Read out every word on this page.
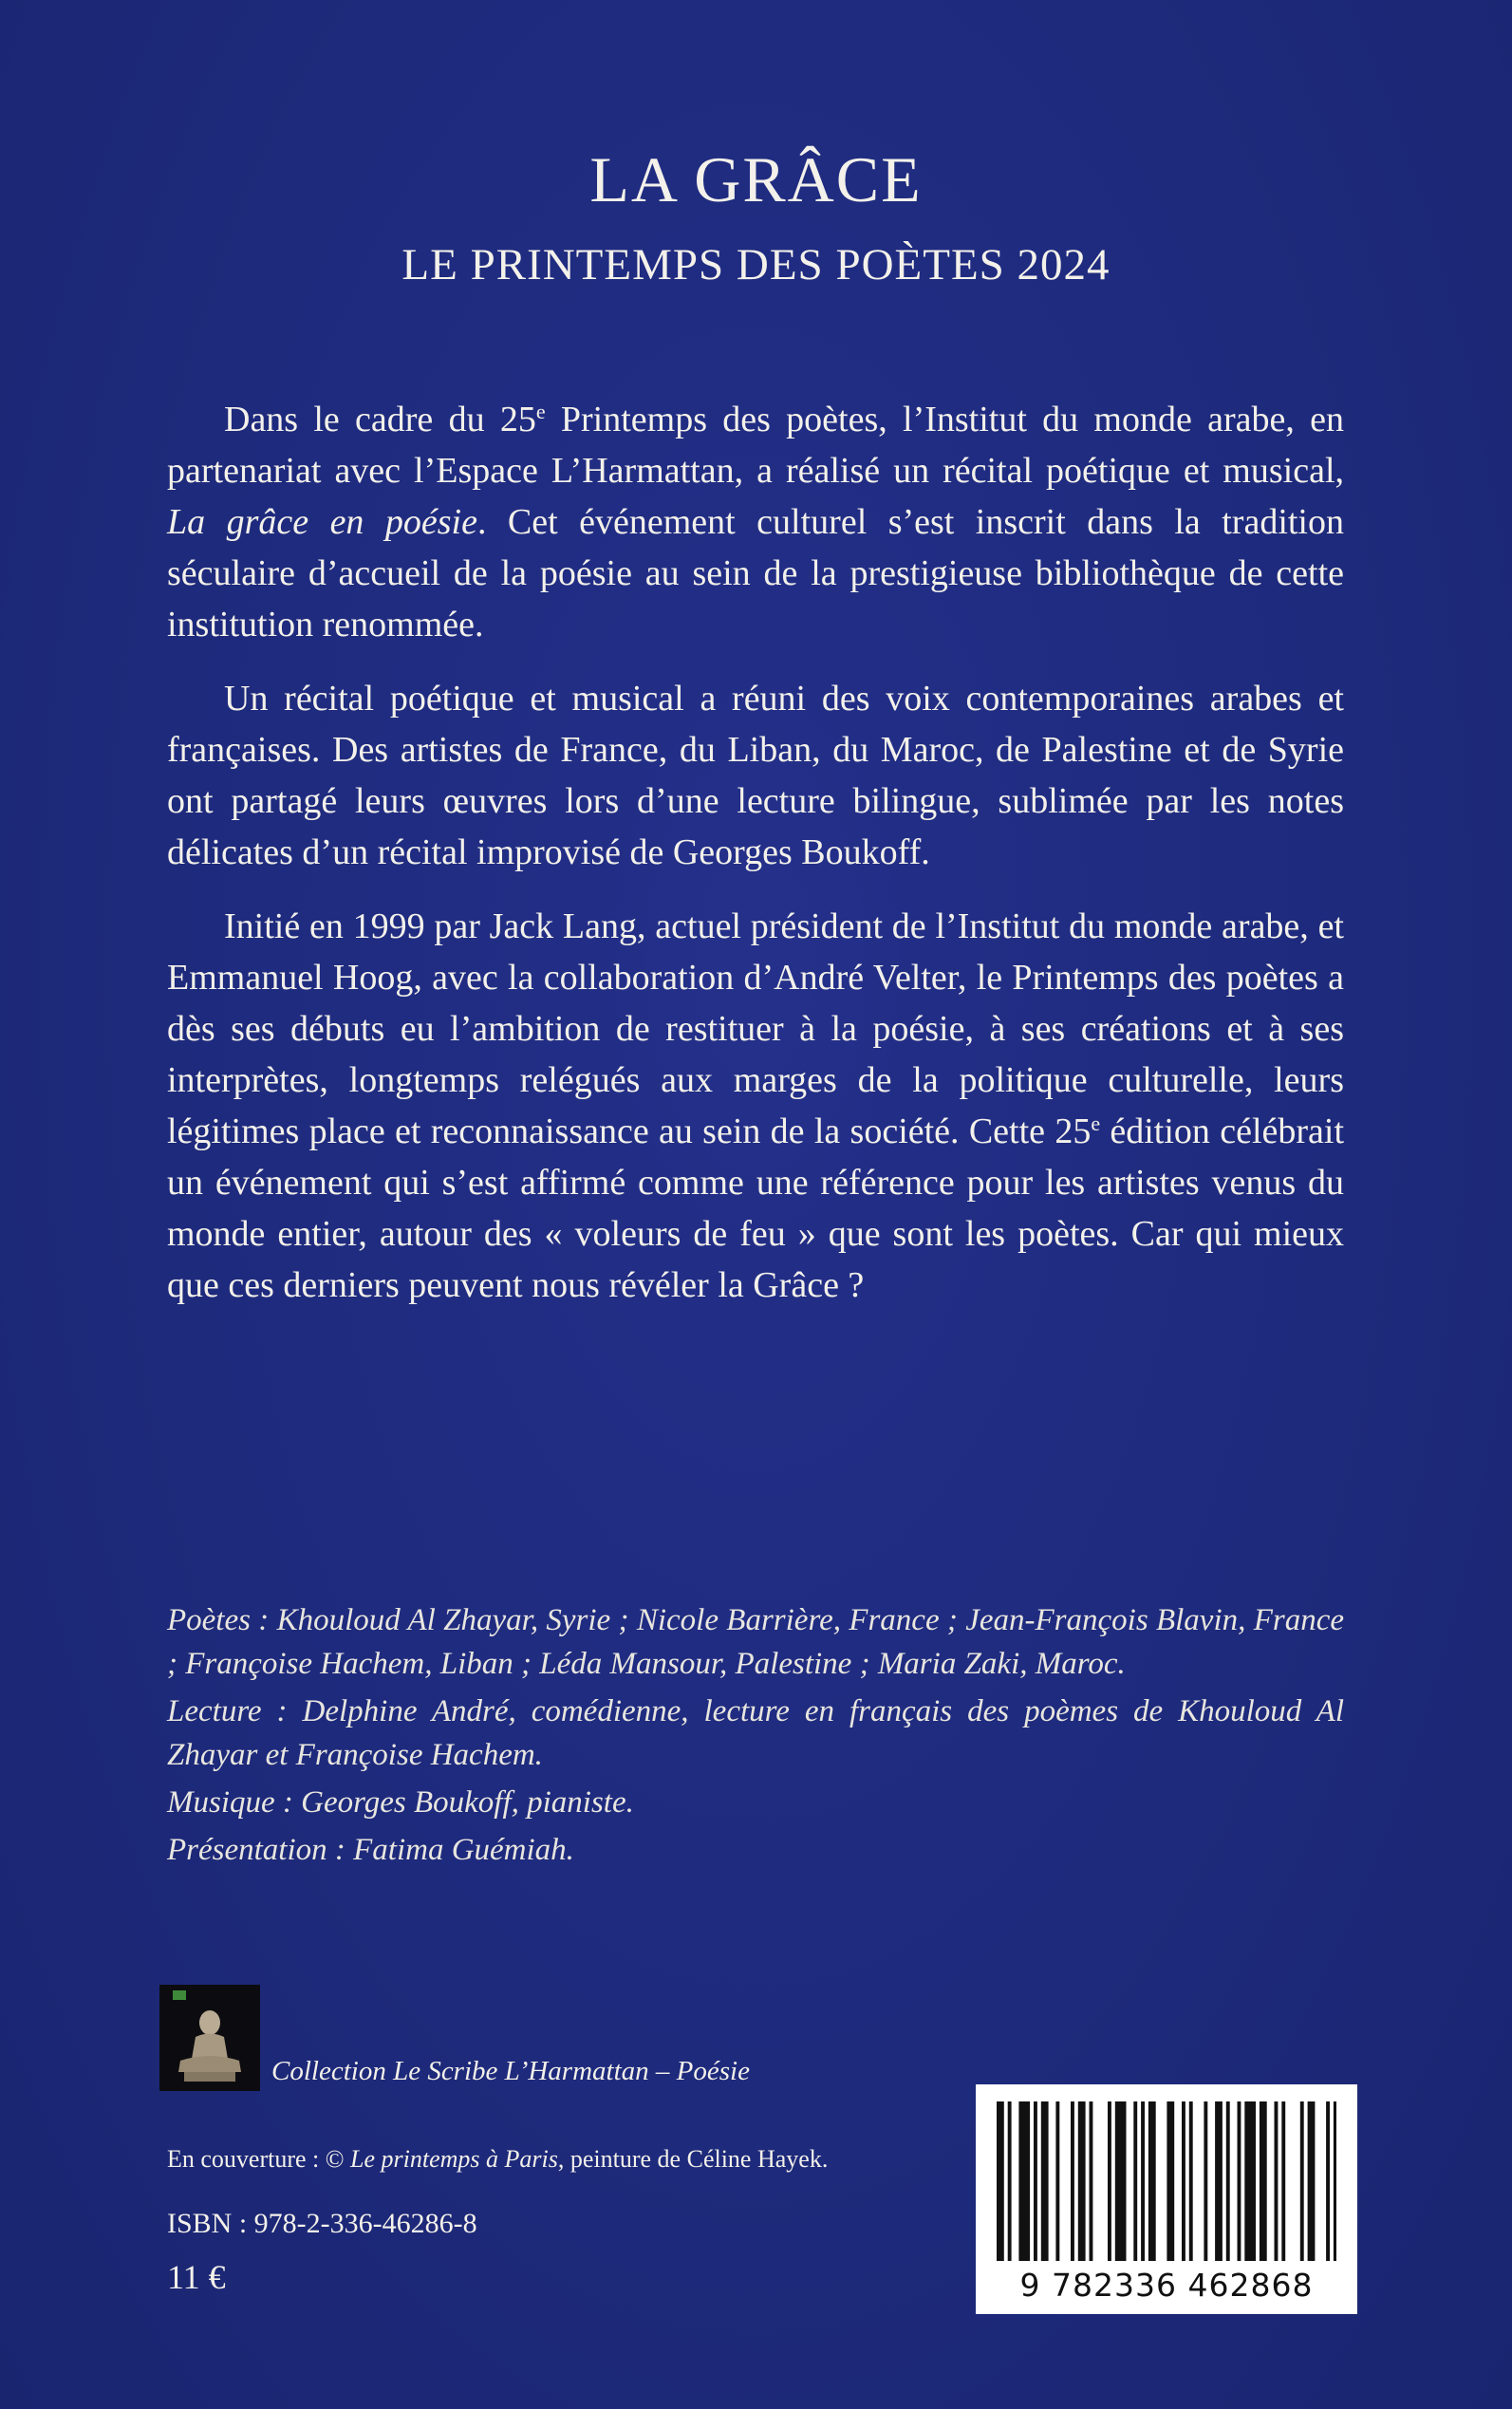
LA GRÂCE
LE PRINTEMPS DES POÈTES 2024

Dans le cadre du 25e Printemps des poètes, l’Institut du monde arabe, en partenariat avec l’Espace L’Harmattan, a réalisé un récital poétique et musical, La grâce en poésie. Cet événement culturel s’est inscrit dans la tradition séculaire d’accueil de la poésie au sein de la prestigieuse bibliothèque de cette institution renommée.

Un récital poétique et musical a réuni des voix contemporaines arabes et françaises. Des artistes de France, du Liban, du Maroc, de Palestine et de Syrie ont partagé leurs œuvres lors d’une lecture bilingue, sublimée par les notes délicates d’un récital improvisé de Georges Boukoff.

Initié en 1999 par Jack Lang, actuel président de l’Institut du monde arabe, et Emmanuel Hoog, avec la collaboration d’André Velter, le Printemps des poètes a dès ses débuts eu l’ambition de restituer à la poésie, à ses créations et à ses interprètes, longtemps relégués aux marges de la politique culturelle, leurs légitimes place et reconnaissance au sein de la société. Cette 25e édition célébrait un événement qui s’est affirmé comme une référence pour les artistes venus du monde entier, autour des « voleurs de feu » que sont les poètes. Car qui mieux que ces derniers peuvent nous révéler la Grâce ?

Poètes : Khouloud Al Zhayar, Syrie ; Nicole Barrière, France ; Jean-François Blavin, France ; Françoise Hachem, Liban ; Léda Mansour, Palestine ; Maria Zaki, Maroc.

Lecture : Delphine André, comédienne, lecture en français des poèmes de Khouloud Al Zhayar et Françoise Hachem.

Musique : Georges Boukoff, pianiste.

Présentation : Fatima Guémiah.

Collection Le Scribe L’Harmattan – Poésie
En couverture : © Le printemps à Paris, peinture de Céline Hayek.
ISBN : 978-2-336-46286-8
11 €	9 782336 462868
